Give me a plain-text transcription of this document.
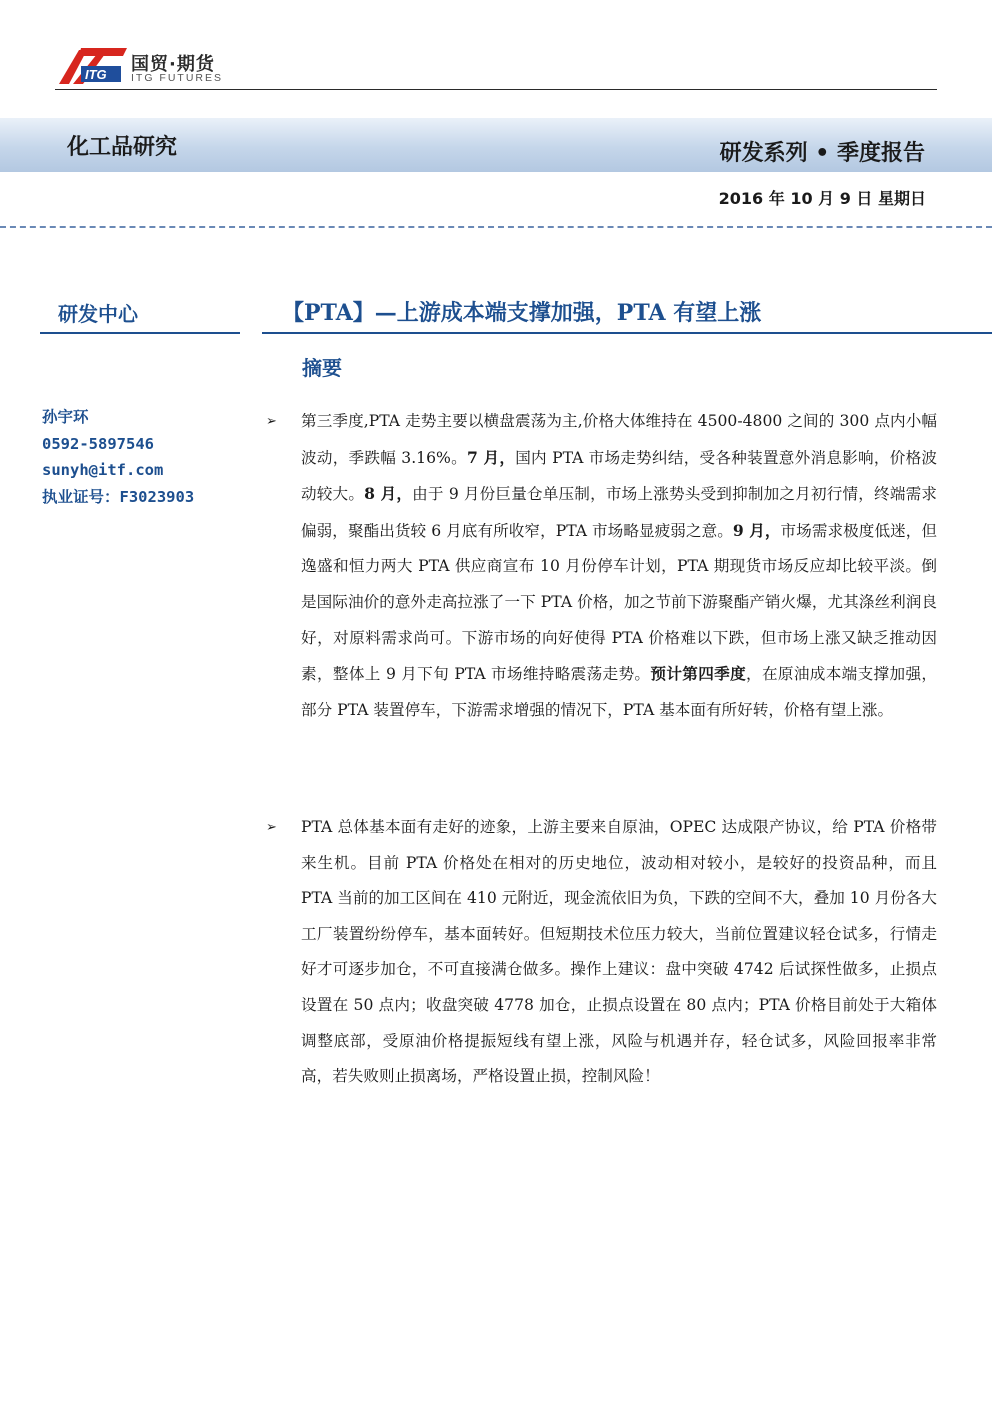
ITG 国贸·期货
ITG FUTURES
化工品研究	研发系列 • 季度报告
2016 年 10 月 9 日 星期日
研发中心
孙宇环
0592-5897546
sunyh@itf.com
执业证号：F3023903
【PTA】—上游成本端支撑加强，PTA 有望上涨
摘要
➢ 第三季度,PTA 走势主要以横盘震荡为主,价格大体维持在 4500-4800 之间的 300 点内小幅波动，季跌幅 3.16%。7 月，国内 PTA 市场走势纠结，受各种装置意外消息影响，价格波动较大。8 月，由于 9 月份巨量仓单压制，市场上涨势头受到抑制加之月初行情，终端需求偏弱，聚酯出货较 6 月底有所收窄，PTA 市场略显疲弱之意。9 月，市场需求极度低迷，但逸盛和恒力两大 PTA 供应商宣布 10 月份停车计划，PTA 期现货市场反应却比较平淡。倒是国际油价的意外走高拉涨了一下 PTA 价格，加之节前下游聚酯产销火爆，尤其涤丝利润良好，对原料需求尚可。下游市场的向好使得 PTA 价格难以下跌，但市场上涨又缺乏推动因素，整体上 9 月下旬 PTA 市场维持略震荡走势。预计第四季度，在原油成本端支撑加强，部分 PTA 装置停车，下游需求增强的情况下，PTA 基本面有所好转，价格有望上涨。
➢ PTA 总体基本面有走好的迹象，上游主要来自原油，OPEC 达成限产协议，给 PTA 价格带来生机。目前 PTA 价格处在相对的历史地位，波动相对较小，是较好的投资品种，而且 PTA 当前的加工区间在 410 元附近，现金流依旧为负，下跌的空间不大，叠加 10 月份各大工厂装置纷纷停车，基本面转好。但短期技术位压力较大，当前位置建议轻仓试多，行情走好才可逐步加仓，不可直接满仓做多。操作上建议：盘中突破 4742 后试探性做多，止损点设置在 50 点内；收盘突破 4778 加仓，止损点设置在 80 点内；PTA 价格目前处于大箱体调整底部，受原油价格提振短线有望上涨，风险与机遇并存，轻仓试多，风险回报率非常高，若失败则止损离场，严格设置止损，控制风险！
